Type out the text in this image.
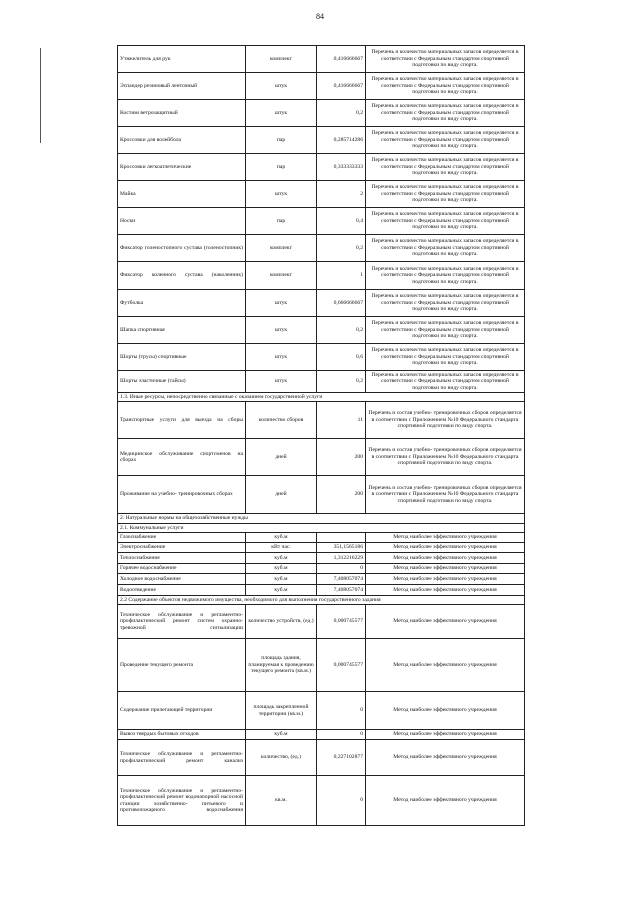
84
Утяжелитель для рук	комплект	0,416666667	Перечень и количество материальных запасов определяется в соответствии с Федеральным стандартом спортивной подготовки по виду спорта.
Эспандер резиновый ленточный	штук	0,416666667	Перечень и количество материальных запасов определяется в соответствии с Федеральным стандартом спортивной подготовки по виду спорта.
Костюм ветрозащитный	штук	0,2	Перечень и количество материальных запасов определяется в соответствии с Федеральным стандартом спортивной подготовки по виду спорта.
Кроссовки для волейбола	пар	0,285714286	Перечень и количество материальных запасов определяется в соответствии с Федеральным стандартом спортивной подготовки по виду спорта.
Кроссовки легкоатлетические	пар	0,333333333	Перечень и количество материальных запасов определяется в соответствии с Федеральным стандартом спортивной подготовки по виду спорта.
Майка	штук	2	Перечень и количество материальных запасов определяется в соответствии с Федеральным стандартом спортивной подготовки по виду спорта.
Носки	пар	0,4	Перечень и количество материальных запасов определяется в соответствии с Федеральным стандартом спортивной подготовки по виду спорта.
Фиксатор голеностопного сустава (голеностопник)	комплект	0,2	Перечень и количество материальных запасов определяется в соответствии с Федеральным стандартом спортивной подготовки по виду спорта.
Фиксатор коленного сустава (наколенник)	комплект	1	Перечень и количество материальных запасов определяется в соответствии с Федеральным стандартом спортивной подготовки по виду спорта.
Футболка	штук	0,666666667	Перечень и количество материальных запасов определяется в соответствии с Федеральным стандартом спортивной подготовки по виду спорта.
Шапка спортивная	штук	0,2	Перечень и количество материальных запасов определяется в соответствии с Федеральным стандартом спортивной подготовки по виду спорта.
Шорты (трусы) спортивные	штук	0,6	Перечень и количество материальных запасов определяется в соответствии с Федеральным стандартом спортивной подготовки по виду спорта.
Шорты эластичные (тайсы)	штук	0,2	Перечень и количество материальных запасов определяется в соответствии с Федеральным стандартом спортивной подготовки по виду спорта.
1.3. Иные ресурсы, непосредственно связанные с оказанием государственной услуги			
Транспортные услуги для выезда на сборы	количество сборов	11	Перечень и состав учебно- тренировочных сборов определяется в соответствии с Приложением №10 Федерального стандарта спортивной подготовки по виду спорта.
Медицинское обслуживание спортсменов на сборах	дней	200	Перечень и состав учебно- тренировочных сборов определяется в соответствии с Приложением №10 Федерального стандарта спортивной подготовки по виду спорта.
Проживание на учебно- тренировочных сборах	дней	200	Перечень и состав учебно- тренировочных сборов определяется в соответствии с Приложением №10 Федерального стандарта спортивной подготовки по виду спорта.
2. Натуральные нормы на общехозяйственные нужды			
2.1. Коммунальные услуги			
Газоснабжение	куб.м		Метод наиболее эффективного учреждения
Электроснабжение	кВт час.	351,1565186	Метод наиболее эффективного учреждения
Теплоснабжение	куб.м	1,312216229	Метод наиболее эффективного учреждения
Горячее водоснабжение	куб.м	0	Метод наиболее эффективного учреждения
Холодное водоснабжение	куб.м	7,408057074	Метод наиболее эффективного учреждения
Водоотведение	куб.м	7,408057074	Метод наиболее эффективного учреждения
2.2 Содержание объектов недвижимого имущества, необходимого для выполнения государственного задания			
Техническое обслуживание и регламентно- профилактический ремонт систем охранно- тревожной сигнализации	количество устройств, (ед.)	0,000745577	Метод наиболее эффективного учреждения
Проведение текущего ремонта	площадь здания, планируемая к проведению текущего ремонта (кв.м.)	0,000745577	Метод наиболее эффективного учреждения
Содержание прилегающей территории	площадь закрепленной территории (кв.м.)	0	Метод наиболее эффективного учреждения
Вывоз твердых бытовых отходов	куб.м	0	Метод наиболее эффективного учреждения
Техническое обслуживание и регламентно- профилактический ремонт канализ	количество, (ед.)	0,227102877	Метод наиболее эффективного учреждения
Техническое обслуживание и регламентно- профилактический ремонт водонапорной насосной станции хозяйственно- питьевого и противопожарного водоснабжения	кв.м.	0	Метод наиболее эффективного учреждения
